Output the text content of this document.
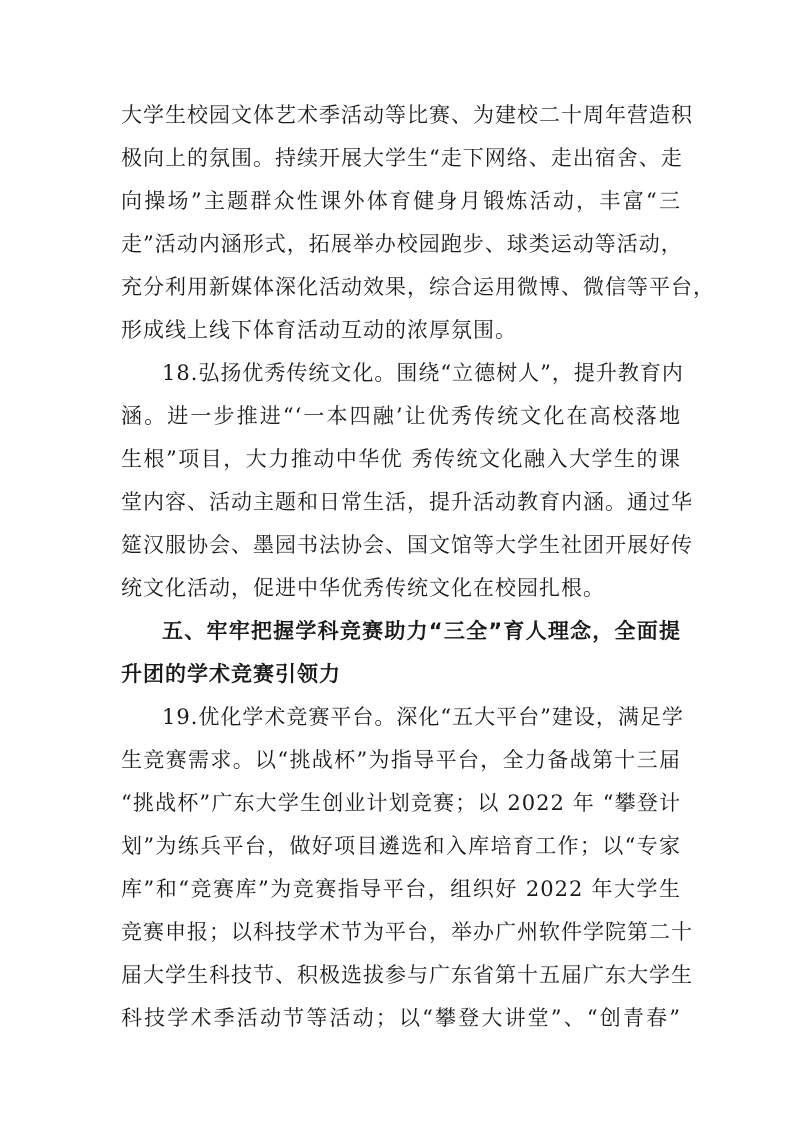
大学生校园文体艺术季活动等比赛、为建校二十周年营造积
极向上的氛围。持续开展大学生“走下网络、走出宿舍、走
向操场”主题群众性课外体育健身月锻炼活动，丰富“三
走”活动内涵形式，拓展举办校园跑步、球类运动等活动，
充分利用新媒体深化活动效果，综合运用微博、微信等平台，
形成线上线下体育活动互动的浓厚氛围。
18.弘扬优秀传统文化。围绕“立德树人”，提升教育内
涵。进一步推进“‘一本四融’让优秀传统文化在高校落地
生根”项目，大力推动中华优 秀传统文化融入大学生的课
堂内容、活动主题和日常生活，提升活动教育内涵。通过华
筵汉服协会、墨园书法协会、国文馆等大学生社团开展好传
统文化活动，促进中华优秀传统文化在校园扎根。
五、牢牢把握学科竞赛助力“三全”育人理念，全面提
升团的学术竞赛引领力
19.优化学术竞赛平台。深化“五大平台”建设，满足学
生竞赛需求。以“挑战杯”为指导平台，全力备战第十三届
“挑战杯”广东大学生创业计划竞赛；以 2022 年 “攀登计
划”为练兵平台，做好项目遴选和入库培育工作；以“专家
库”和“竞赛库”为竞赛指导平台，组织好 2022 年大学生
竞赛申报；以科技学术节为平台，举办广州软件学院第二十
届大学生科技节、积极选拔参与广东省第十五届广东大学生
科技学术季活动节等活动；以“攀登大讲堂”、“创青春”
